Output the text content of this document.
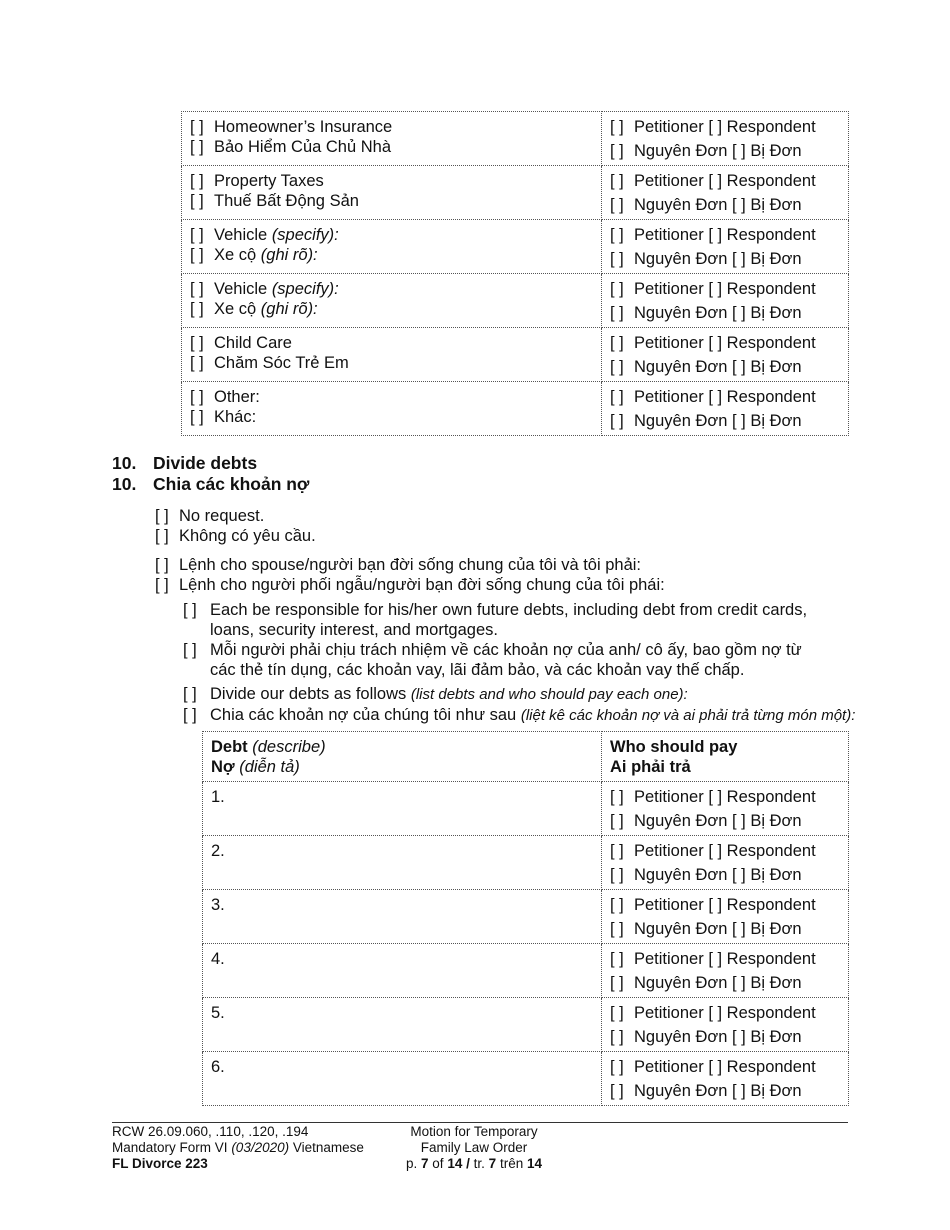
[ ] Homeowner’s Insurance
[ ] Bảo Hiểm Của Chủ Nhà	[ ] Petitioner [ ] Respondent
[ ] Nguyên Đơn [ ] Bị Đơn

[ ] Property Taxes
[ ] Thuế Bất Động Sản	[ ] Petitioner [ ] Respondent
[ ] Nguyên Đơn [ ] Bị Đơn

[ ] Vehicle (specify):
[ ] Xe cộ (ghi rõ):	[ ] Petitioner [ ] Respondent
[ ] Nguyên Đơn [ ] Bị Đơn

[ ] Vehicle (specify):
[ ] Xe cộ (ghi rõ):	[ ] Petitioner [ ] Respondent
[ ] Nguyên Đơn [ ] Bị Đơn

[ ] Child Care
[ ] Chăm Sóc Trẻ Em	[ ] Petitioner [ ] Respondent
[ ] Nguyên Đơn [ ] Bị Đơn

[ ] Other:
[ ] Khác:	[ ] Petitioner [ ] Respondent
[ ] Nguyên Đơn [ ] Bị Đơn
10. Divide debts
10. Chia các khoản nợ
[ ] No request.
[ ] Không có yêu cầu.
[ ] Lệnh cho spouse/người bạn đời sống chung của tôi và tôi phải:
[ ] Lệnh cho người phối ngẫu/người bạn đời sống chung của tôi phái:
[ ] Each be responsible for his/her own future debts, including debt from credit cards,
loans, security interest, and mortgages.
[ ] Mỗi người phải chịu trách nhiệm về các khoản nợ của anh/ cô ấy, bao gồm nợ từ
các thẻ tín dụng, các khoản vay, lãi đảm bảo, và các khoản vay thế chấp.
[ ] Divide our debts as follows (list debts and who should pay each one):
[ ] Chia các khoản nợ của chúng tôi như sau (liệt kê các khoản nợ và ai phải trả từng món một):
Debt (describe)
Nợ (diễn tả)	Who should pay
Ai phải trả

1.	[ ] Petitioner [ ] Respondent
[ ] Nguyên Đơn [ ] Bị Đơn

2.	[ ] Petitioner [ ] Respondent
[ ] Nguyên Đơn [ ] Bị Đơn

3.	[ ] Petitioner [ ] Respondent
[ ] Nguyên Đơn [ ] Bị Đơn

4.	[ ] Petitioner [ ] Respondent
[ ] Nguyên Đơn [ ] Bị Đơn

5.	[ ] Petitioner [ ] Respondent
[ ] Nguyên Đơn [ ] Bị Đơn

6.	[ ] Petitioner [ ] Respondent
[ ] Nguyên Đơn [ ] Bị Đơn
RCW 26.09.060, .110, .120, .194
Mandatory Form VI (03/2020) Vietnamese
FL Divorce 223
Motion for Temporary
Family Law Order
p. 7 of 14 / tr. 7 trên 14
